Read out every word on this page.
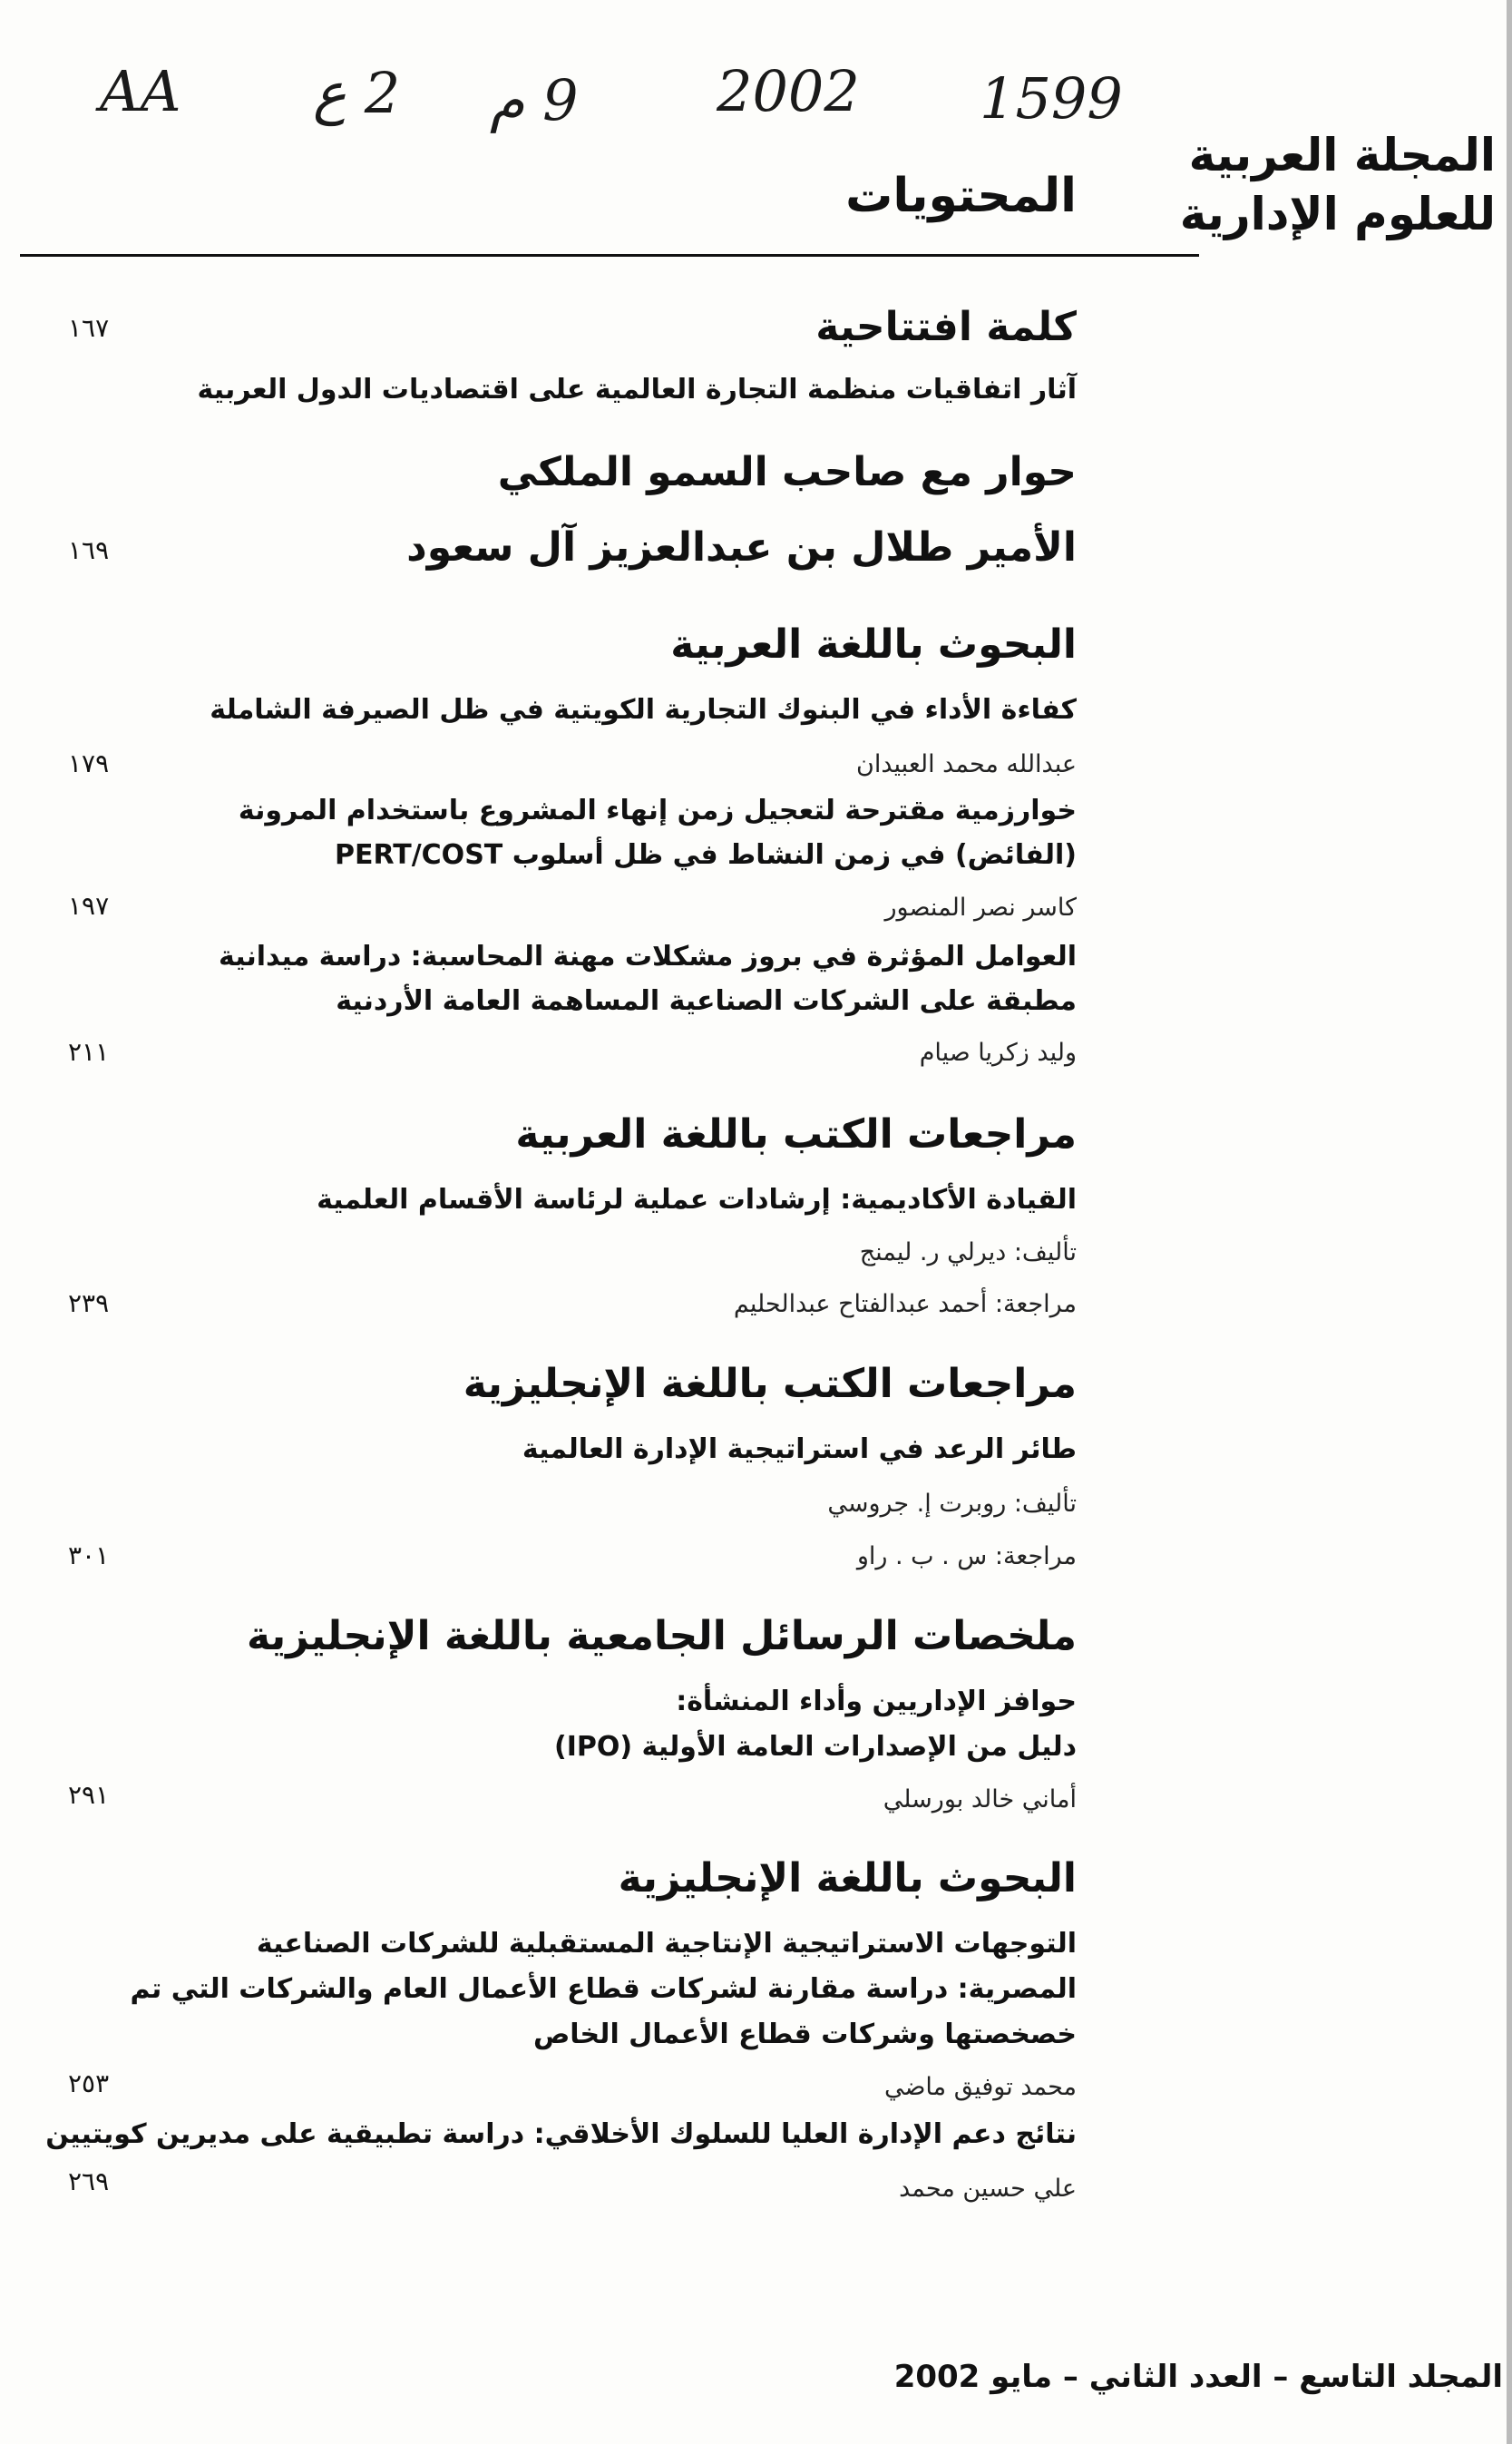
AA 2 ع 9 م 2002 1599
المجلة العربية
للعلوم الإدارية
المحتويات
كلمة افتتاحية
١٦٧
آثار اتفاقيات منظمة التجارة العالمية على اقتصاديات الدول العربية
حوار مع صاحب السمو الملكي
الأمير طلال بن عبدالعزيز آل سعود
١٦٩
البحوث باللغة العربية
كفاءة الأداء في البنوك التجارية الكويتية في ظل الصيرفة الشاملة
عبدالله محمد العبيدان
١٧٩
خوارزمية مقترحة لتعجيل زمن إنهاء المشروع باستخدام المرونة
(الفائض) في زمن النشاط في ظل أسلوب PERT/COST
كاسر نصر المنصور
١٩٧
العوامل المؤثرة في بروز مشكلات مهنة المحاسبة: دراسة ميدانية
مطبقة على الشركات الصناعية المساهمة العامة الأردنية
وليد زكريا صيام
٢١١
مراجعات الكتب باللغة العربية
القيادة الأكاديمية: إرشادات عملية لرئاسة الأقسام العلمية
تأليف: ديرلي ر. ليمنج
مراجعة: أحمد عبدالفتاح عبدالحليم
٢٣٩
مراجعات الكتب باللغة الإنجليزية
طائر الرعد في استراتيجية الإدارة العالمية
تأليف: روبرت إ. جروسي
مراجعة: س . ب . راو
٣٠١
ملخصات الرسائل الجامعية باللغة الإنجليزية
حوافز الإداريين وأداء المنشأة:
دليل من الإصدارات العامة الأولية (IPO)
أماني خالد بورسلي
٢٩١
البحوث باللغة الإنجليزية
التوجهات الاستراتيجية الإنتاجية المستقبلية للشركات الصناعية
المصرية: دراسة مقارنة لشركات قطاع الأعمال العام والشركات التي تم
خصخصتها وشركات قطاع الأعمال الخاص
محمد توفيق ماضي
٢٥٣
نتائج دعم الإدارة العليا للسلوك الأخلاقي: دراسة تطبيقية على مديرين كويتيين
علي حسين محمد
٢٦٩
المجلد التاسع – العدد الثاني – مايو 2002
